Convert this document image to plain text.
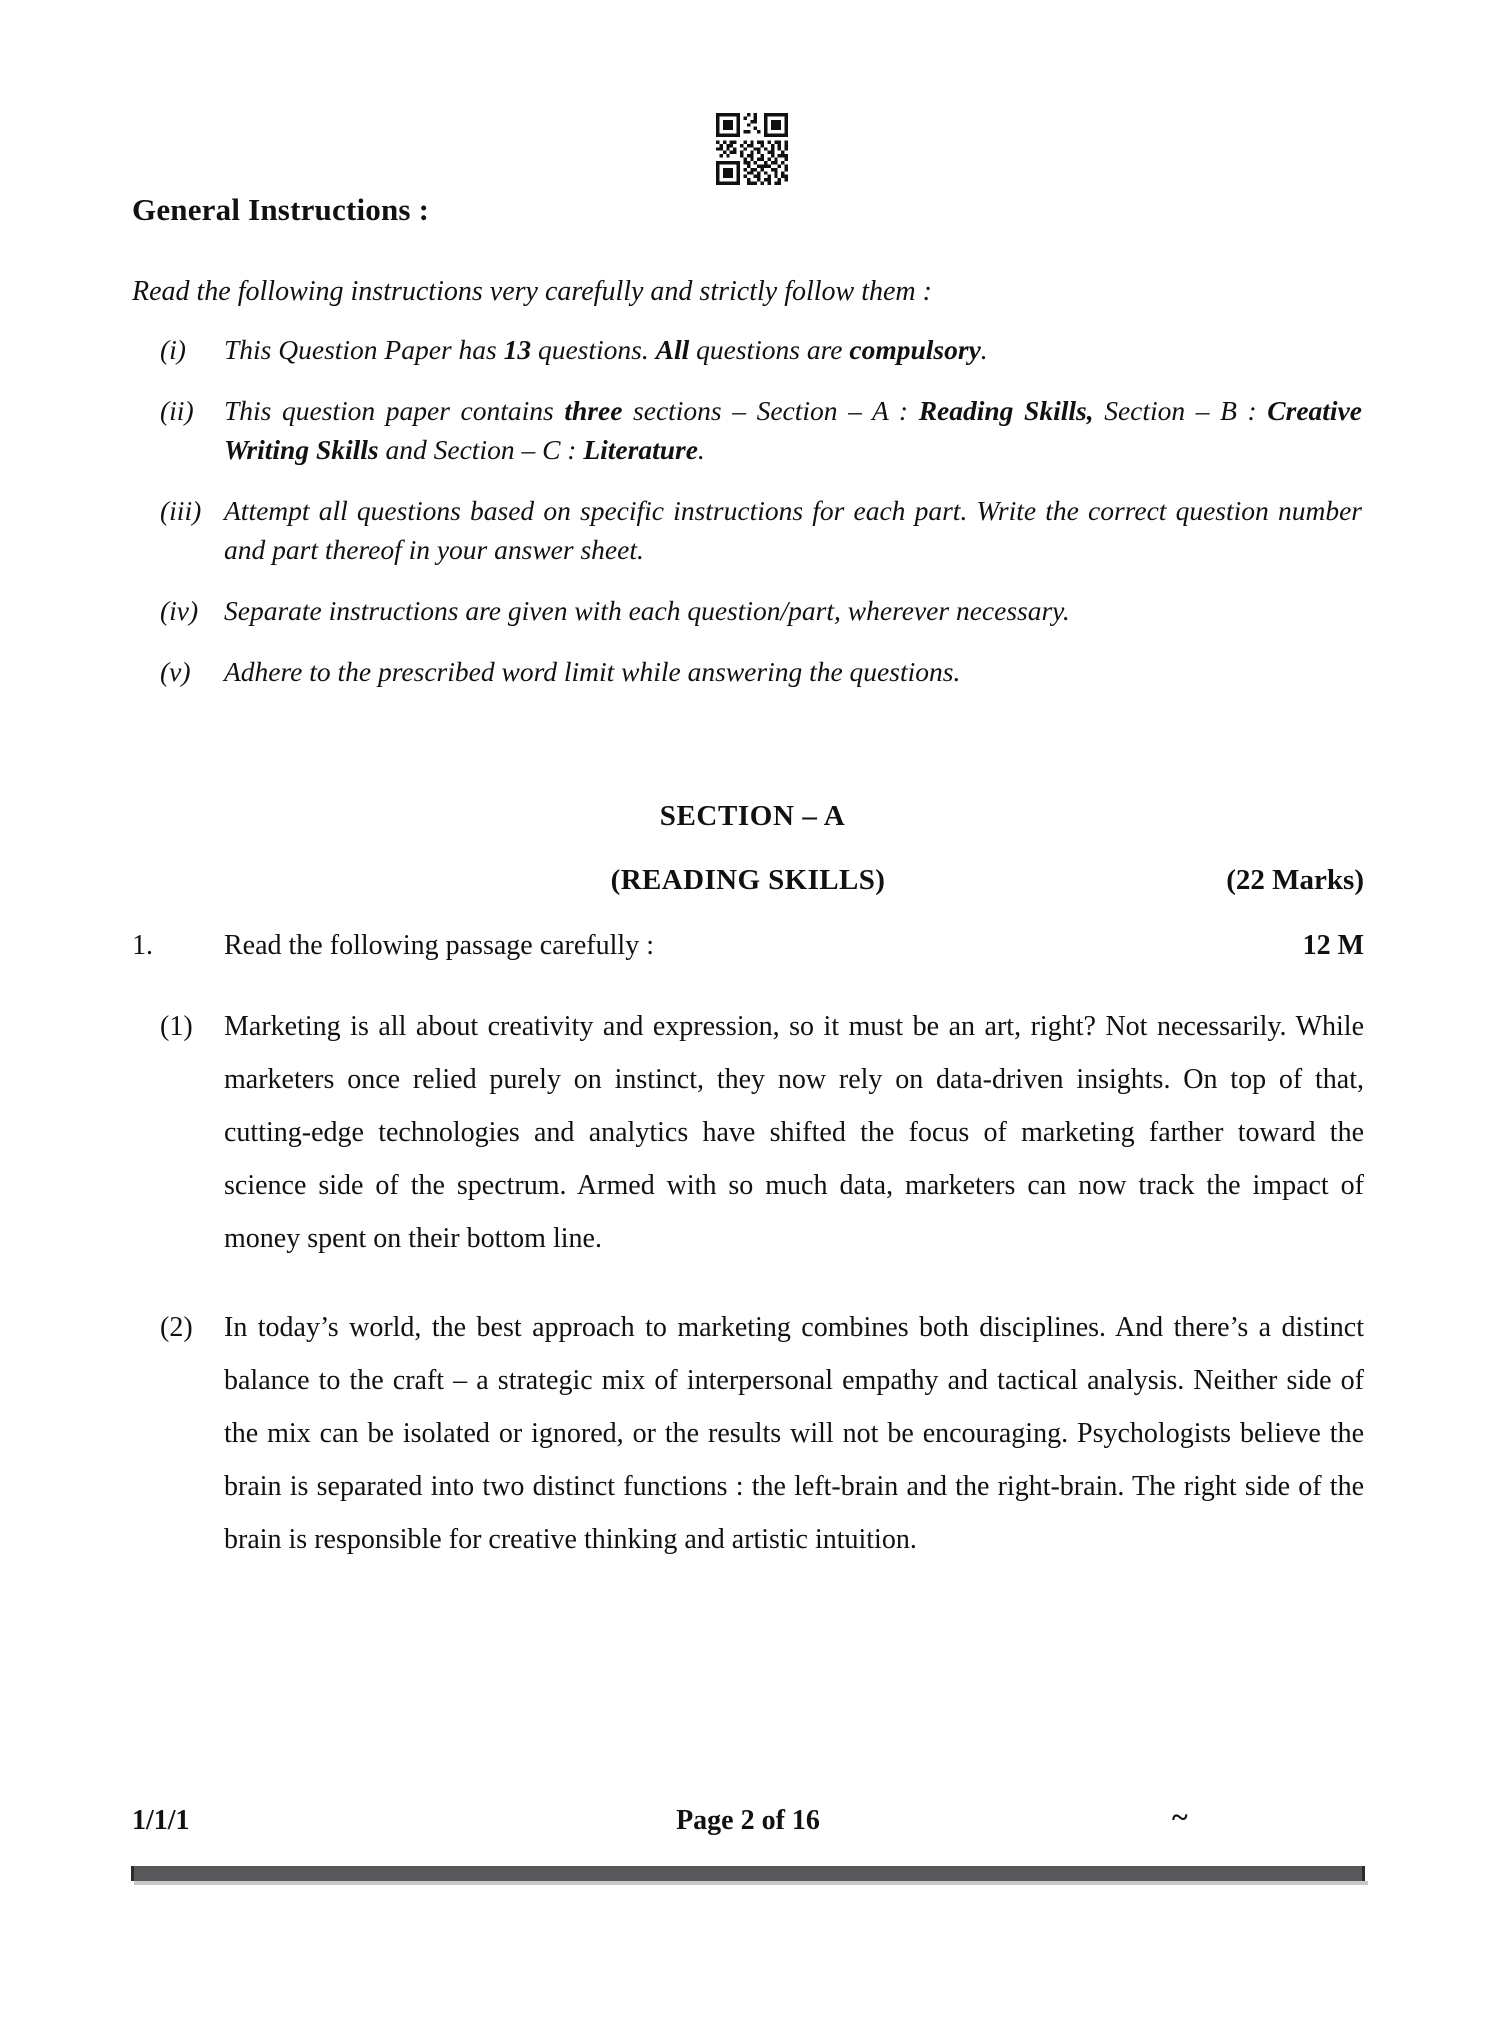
General Instructions :
Read the following instructions very carefully and strictly follow them :
(i)	This Question Paper has 13 questions. All questions are compulsory.
(ii)	This question paper contains three sections – Section – A : Reading Skills, Section – B : Creative Writing Skills and Section – C : Literature.
(iii) Attempt all questions based on specific instructions for each part. Write the correct question number and part thereof in your answer sheet.
(iv) Separate instructions are given with each question/part, wherever necessary.
(v)	Adhere to the prescribed word limit while answering the questions.
SECTION – A
(READING SKILLS)	(22 Marks)
1.	Read the following passage carefully :	12 M
(1)	Marketing is all about creativity and expression, so it must be an art, right? Not necessarily. While marketers once relied purely on instinct, they now rely on data-driven insights. On top of that, cutting-edge technologies and analytics have shifted the focus of marketing farther toward the science side of the spectrum. Armed with so much data, marketers can now track the impact of money spent on their bottom line.
(2)	In today’s world, the best approach to marketing combines both disciplines. And there’s a distinct balance to the craft – a strategic mix of interpersonal empathy and tactical analysis. Neither side of the mix can be isolated or ignored, or the results will not be encouraging. Psychologists believe the brain is separated into two distinct functions : the left-brain and the right-brain. The right side of the brain is responsible for creative thinking and artistic intuition.
1/1/1	Page 2 of 16	~
